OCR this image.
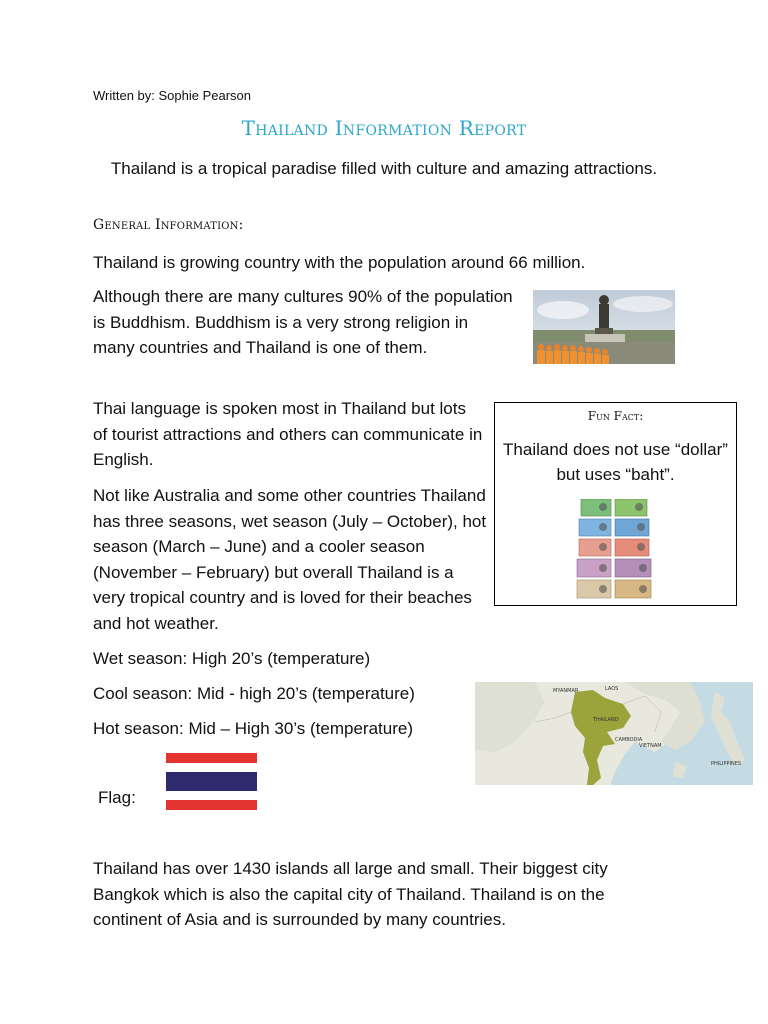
Written by: Sophie Pearson
Thailand Information Report
Thailand is a tropical paradise filled with culture and amazing attractions.
General Information:
Thailand is growing country with the population around 66 million.
Although there are many cultures 90% of the population is Buddhism. Buddhism is a very strong religion in many countries and Thailand is one of them.
Thai language is spoken most in Thailand but lots of tourist attractions and others can communicate in English.
Not like Australia and some other countries Thailand has three seasons, wet season (July – October), hot season (March – June) and a cooler season (November – February) but overall Thailand is a very tropical country and is loved for their beaches and hot weather.
Wet season: High 20’s (temperature)
Cool season: Mid - high 20’s (temperature)
Hot season: Mid – High 30’s (temperature)
Flag:
Thailand has over 1430 islands all large and small. Their biggest city Bangkok which is also the capital city of Thailand. Thailand is on the continent of Asia and is surrounded by many countries.
Fun Fact:
Thailand does not use “dollar” but uses “baht”.
MYANMAR	LAOS
THAILAND
CAMBODIA
VIETNAM
PHILIPPINES
